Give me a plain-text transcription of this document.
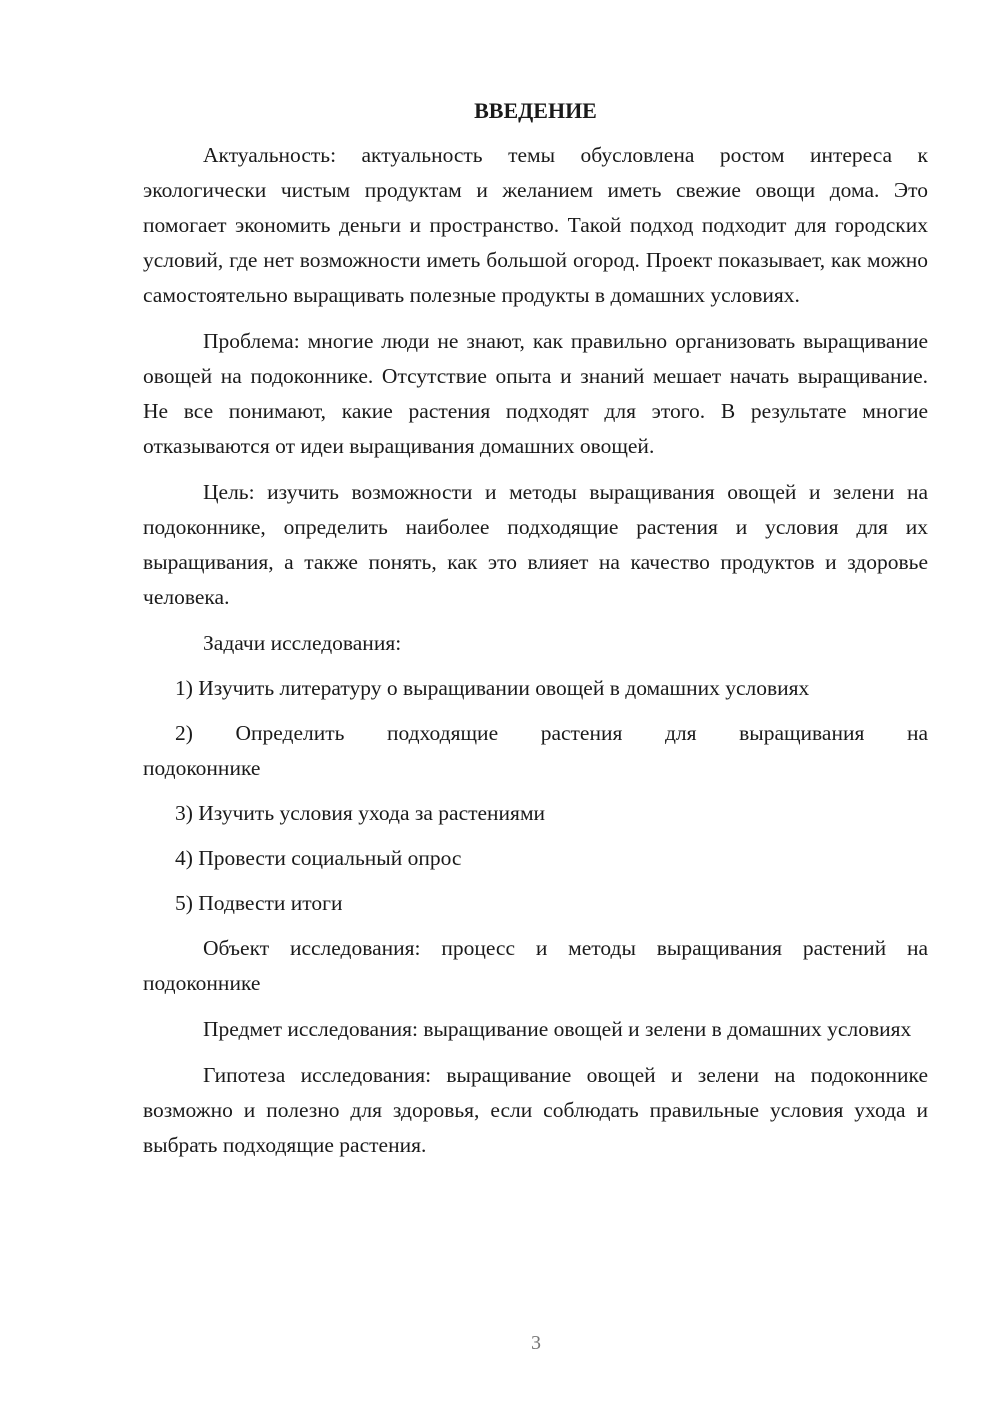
ВВЕДЕНИЕ

Актуальность: актуальность темы обусловлена ростом интереса к экологически чистым продуктам и желанием иметь свежие овощи дома. Это помогает экономить деньги и пространство. Такой подход подходит для городских условий, где нет возможности иметь большой огород. Проект показывает, как можно самостоятельно выращивать полезные продукты в домашних условиях.

Проблема: многие люди не знают, как правильно организовать выращивание овощей на подоконнике. Отсутствие опыта и знаний мешает начать выращивание. Не все понимают, какие растения подходят для этого. В результате многие отказываются от идеи выращивания домашних овощей.

Цель: изучить возможности и методы выращивания овощей и зелени на подоконнике, определить наиболее подходящие растения и условия для их выращивания, а также понять, как это влияет на качество продуктов и здоровье человека.

Задачи исследования:

1) Изучить литературу о выращивании овощей в домашних условиях

2) Определить подходящие растения для выращивания на
подоконнике

3) Изучить условия ухода за растениями

4) Провести социальный опрос

5) Подвести итоги

Объект исследования: процесс и методы выращивания растений на подоконнике

Предмет исследования: выращивание овощей и зелени в домашних условиях

Гипотеза исследования: выращивание овощей и зелени на подоконнике возможно и полезно для здоровья, если соблюдать правильные условия ухода и выбрать подходящие растения.

3
